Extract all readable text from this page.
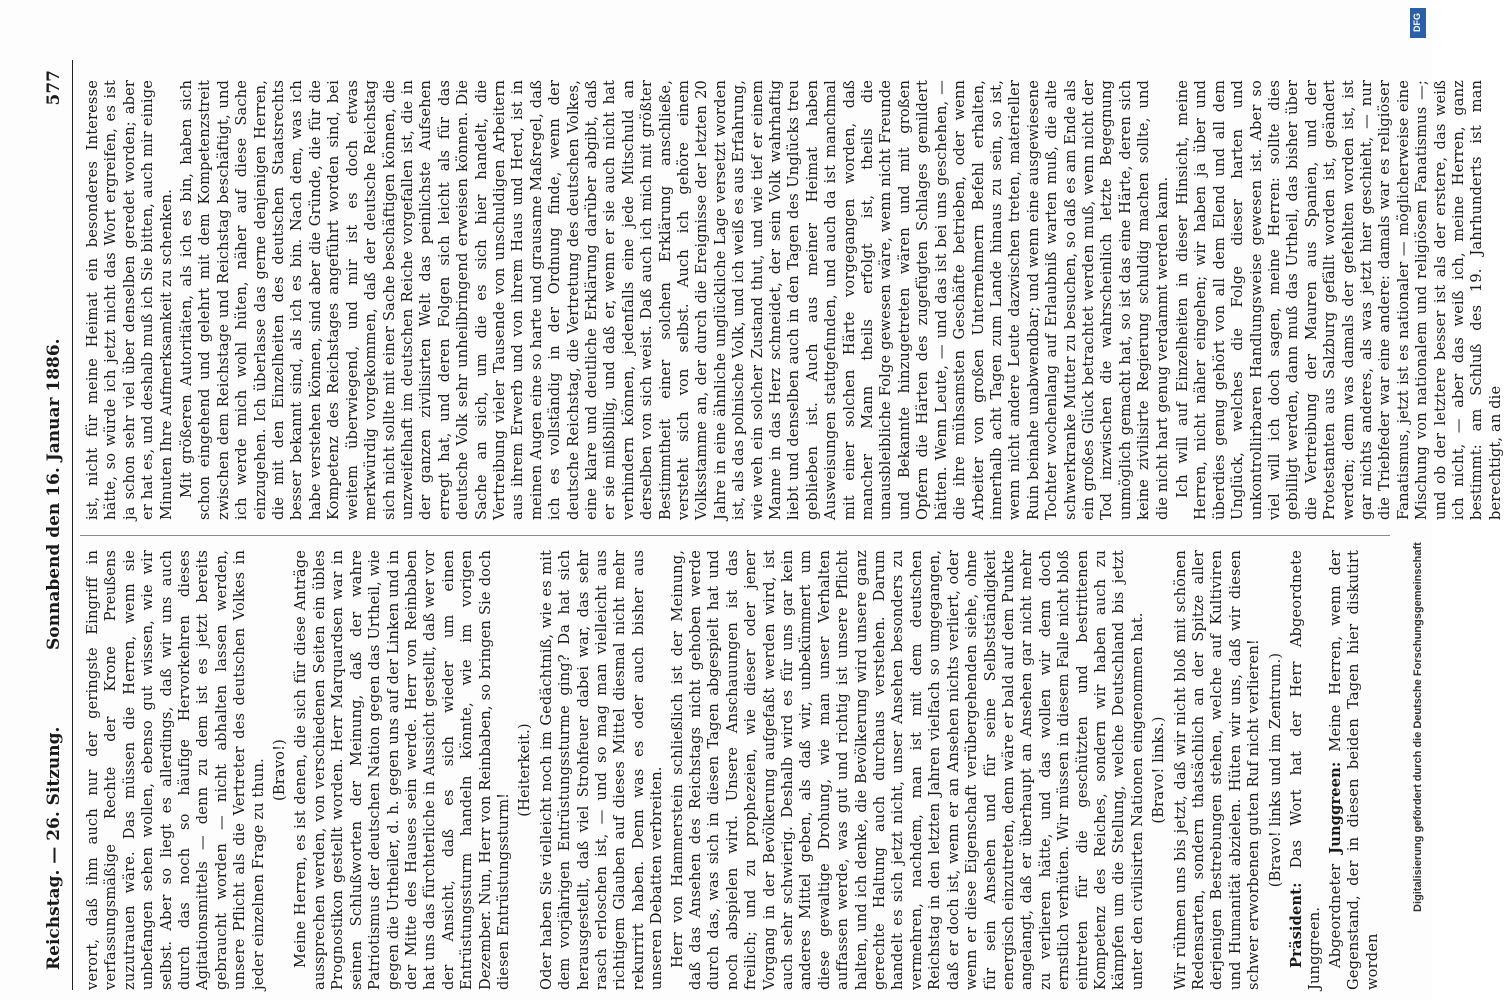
Reichstag. — 26. Sitzung.
Sonnabend den 16. Januar 1886.
577

verort, daß ihm auch nur der geringste Eingriff in verfassungsmäßige Rechte der Krone Preußens zuzutrauen wäre. Das müssen die Herren, wenn sie unbefangen sehen wollen, ebenso gut wissen, wie wir selbst. Aber so liegt es allerdings, daß wir uns auch durch das noch so häufige Hervorkehren dieses Agitationsmittels — denn zu dem ist es jetzt bereits gebraucht worden — nicht abhalten lassen werden, unsere Pflicht als die Vertreter des deutschen Volkes in jeder einzelnen Frage zu thun. (Bravo!) Meine Herren, es ist denen, die sich für diese Anträge aussprechen werden, von verschiedenen Seiten ein übles Prognostikon gestellt worden. Herr Marquardsen war in seinen Schlußworten der Meinung, daß der wahre Patriotismus der deutschen Nation gegen das Urtheil, wie gegen die Urtheiler, d. h. gegen uns auf der Linken und in der Mitte des Hauses sein werde. Herr von Reinbaben hat uns das fürchterliche in Aussicht gestellt, daß wer vor der Ansicht, daß es sich wieder um einen Entrüstungssturm handeln könnte, wie im vorigen Dezember. Nun, Herr von Reinbaben, so bringen Sie doch diesen Entrüstungssturm!

(Heiterkeit.) Oder haben Sie vielleicht noch im Gedächtniß, wie es mit dem vorjährigen Entrüstungssturme ging? Da hat sich herausgestellt, daß viel Strohfeuer dabei war, das sehr rasch erloschen ist, — und so mag man vielleicht aus richtigem Glauben auf dieses Mittel diesmal nicht mehr rekurrirt haben. Denn was es oder auch bisher aus unseren Debatten verbreiten. Herr von Hammerstein schließlich ist der Meinung, daß das Ansehen des Reichstags nicht gehoben werde durch das, was sich in diesen Tagen abgespielt hat und noch abspielen wird. Unsere Anschauungen ist das freilich; und zu prophezeien, wie dieser oder jener Vorgang in der Bevölkerung aufgefaßt werden wird, ist auch sehr schwierig. Deshalb wird es für uns gar kein anderes Mittel geben, als daß wir, unbekümmert um diese gewaltige Drohung, wie man unser Verhalten auffassen werde, was gut und richtig ist unsere Pflicht halten, und ich denke, die Bevölkerung wird unsere ganz gerechte Haltung auch durchaus verstehen. Darum handelt es sich jetzt nicht, unser Ansehen besonders zu vermehren, nachdem, man ist mit dem deutschen Reichstag in den letzten Jahren vielfach so umgegangen, daß er doch ist, wenn er an Ansehen nichts verliert, oder wenn er diese Eigenschaft verübergehenden siehe, ohne für sein Ansehen und für seine Selbstständigkeit energisch einzutreten, denn wäre er bald auf dem Punkte angelangt, daß er überhaupt an Ansehen gar nicht mehr zu verlieren hätte, und das wollen wir denn doch ernstlich verhüten. Wir müssen in diesem Falle nicht bloß eintreten für die geschützten und bestrittenen Kompetenz des Reiches, sondern wir haben auch zu kämpfen um die Stellung, welche Deutschland bis jetzt unter den civilisirten Nationen eingenommen hat. (Bravo! links.) Wir rühmen uns bis jetzt, daß wir nicht bloß mit schönen Redensarten, sondern thatsächlich an der Spitze aller derjenigen Bestrebungen stehen, welche auf Kultiviren und Humanität abzielen. Hüten wir uns, daß wir diesen schwer erworbenen guten Ruf nicht verlieren! (Bravo! links und im Zentrum.)

Präsident: Das Wort hat der Herr Abgeordnete Junggreen. Abgeordneter Junggreen: Meine Herren, wenn der Gegenstand, der in diesen beiden Tagen hier diskutirt worden

ist, nicht für meine Heimat ein besonderes Interesse hätte, so würde ich jetzt nicht das Wort ergreifen, es ist ja schon sehr viel über denselben geredet worden; aber er hat es, und deshalb muß ich Sie bitten, auch mir einige Minuten Ihre Aufmerksamkeit zu schenken. Mit größeren Autoritäten, als ich es bin, haben sich schon eingehend und gelehrt mit dem Kompetenzstreit zwischen dem Reichstage und Reichstag beschäftigt, und ich werde mich wohl hüten, näher auf diese Sache einzugehen. Ich überlasse das gerne denjenigen Herren, die mit den Einzelheiten des deutschen Staatsrechts besser bekannt sind, als ich es bin. Nach dem, was ich habe verstehen können, sind aber die Gründe, die für die Kompetenz des Reichstages angeführt worden sind, bei weitem überwiegend, und mir ist es doch etwas merkwürdig vorgekommen, daß der deutsche Reichstag sich nicht sollte mit einer Sache beschäftigen können, die unzweifelhaft im deutschen Reiche vorgefallen ist, die in der ganzen zivilisirten Welt das peinlichste Aufsehen erregt hat, und deren Folgen sich leicht als für das deutsche Volk sehr unheilbringend erweisen können. Die Sache an sich, um die es sich hier handelt, die Vertreibung vieler Tausende von unschuldigen Arbeitern aus ihrem Erwerb und von ihrem Haus und Herd, ist in meinen Augen eine so harte und grausame Maßregel, daß ich es vollständig in der Ordnung finde, wenn der deutsche Reichstag, die Vertretung des deutschen Volkes, eine klare und deutliche Erklärung darüber abgibt, daß er sie mißbillig, und daß er, wenn er sie auch nicht hat verhindern können, jedenfalls eine jede Mitschuld an derselben von sich weist. Daß auch ich mich mit größter Bestimmtheit einer solchen Erklärung anschließe, versteht sich von selbst. Auch ich gehöre einem Volksstamme an, der durch die Ereignisse der letzten 20 Jahre in eine ähnliche unglückliche Lage versetzt worden ist, als das polnische Volk, und ich weiß es aus Erfahrung, wie weh ein solcher Zustand thut, und wie tief er einem Manne in das Herz schneidet, der sein Volk wahrhaftig liebt und denselben auch in den Tagen des Unglücks treu geblieben ist. Auch aus meiner Heimat haben Ausweisungen stattgefunden, und auch da ist manchmal mit einer solchen Härte vorgegangen worden, daß mancher Mann theils erfolgt ist, theils die unausbleibliche Folge gewesen wäre, wenn nicht Freunde und Bekannte hinzugetreten wären und mit großen Opfern die Härten des zugefügten Schlages gemildert hätten. Wenn Leute, — und das ist bei uns geschehen, — die ihre mühsamsten Geschäfte betrieben, oder wenn Arbeiter von großen Unternehmern Befehl erhalten, innerhalb acht Tagen zum Lande hinaus zu sein, so ist, wenn nicht andere Leute dazwischen treten, materieller Ruin beinahe unabwendbar; und wenn eine ausgewiesene Tochter wochenlang auf Erlaubniß warten muß, die alte schwerkranke Mutter zu besuchen, so daß es am Ende als ein großes Glück betrachtet werden muß, wenn nicht der Tod inzwischen die wahrscheinlich letzte Begegnung unmöglich gemacht hat, so ist das eine Härte, deren sich keine zivilisirte Regierung schuldig machen sollte, und die nicht hart genug verdammt werden kann. Ich will auf Einzelheiten in dieser Hinsicht, meine Herren, nicht näher eingehen; wir haben ja über und überdies genug gehört von all dem Elend und all dem Unglück, welches die Folge dieser harten und unkontrollirbaren Handlungsweise gewesen ist. Aber so viel will ich doch sagen, meine Herren: sollte dies gebilligt werden, dann muß das Urtheil, das bisher über die Vertreibung der Mauren aus Spanien, und der Protestanten aus Salzburg gefällt worden ist, geändert werden; denn was damals der gefehlten worden ist, ist gar nichts anderes, als was jetzt hier geschieht, — nur die Triebfeder war eine andere: damals war es religiöser Fanatismus, jetzt ist es nationaler — möglicherweise eine Mischung von nationalem und religiösem Fanatismus —; und ob der letztere besser ist als der erstere, das weiß ich nicht, — aber das weiß ich, meine Herren, ganz bestimmt: am Schluß des 19. Jahrhunderts ist man berechtigt, an die

DFG
Digitalisierung gefördert durch die Deutsche Forschungsgemeinschaft
